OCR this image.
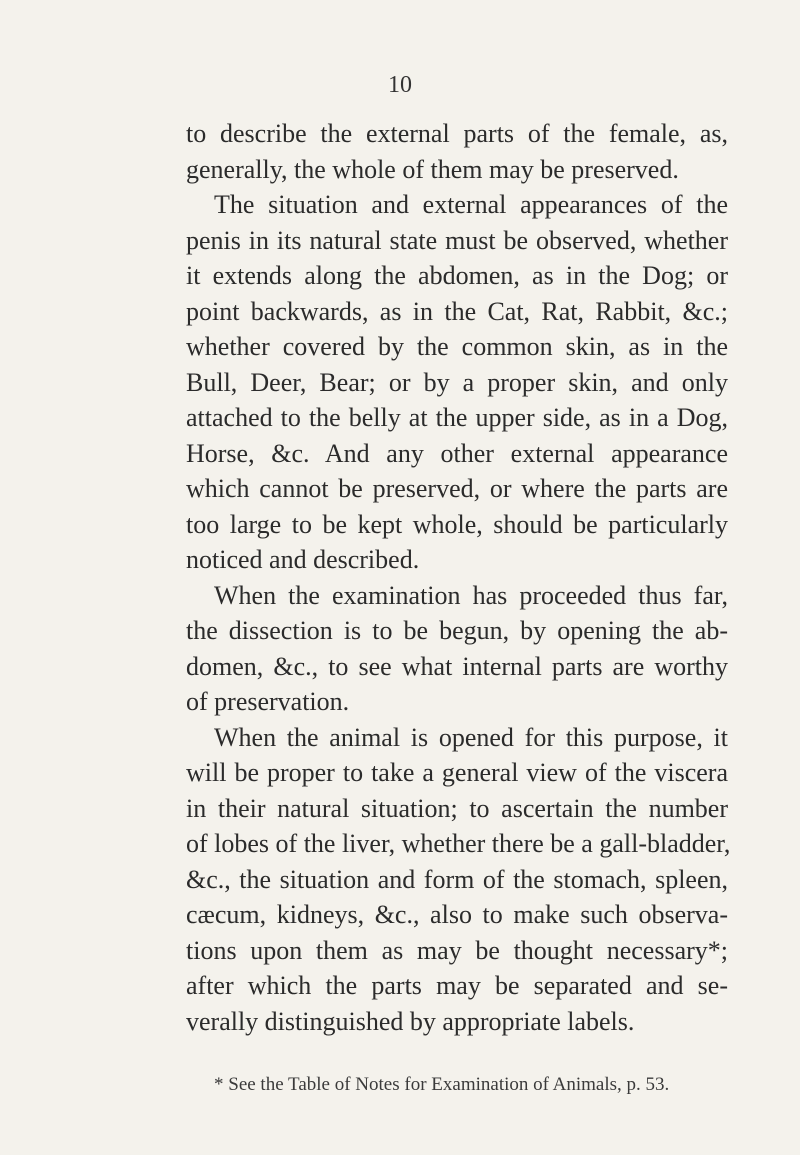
10
to describe the external parts of the female, as,
generally, the whole of them may be preserved.
The situation and external appearances of the
penis in its natural state must be observed, whether
it extends along the abdomen, as in the Dog; or
point backwards, as in the Cat, Rat, Rabbit, &c.;
whether covered by the common skin, as in the
Bull, Deer, Bear; or by a proper skin, and only
attached to the belly at the upper side, as in a Dog,
Horse, &c. And any other external appearance
which cannot be preserved, or where the parts are
too large to be kept whole, should be particularly
noticed and described.
When the examination has proceeded thus far,
the dissection is to be begun, by opening the ab-
domen, &c., to see what internal parts are worthy
of preservation.
When the animal is opened for this purpose, it
will be proper to take a general view of the viscera
in their natural situation; to ascertain the number
of lobes of the liver, whether there be a gall-bladder,
&c., the situation and form of the stomach, spleen,
cæcum, kidneys, &c., also to make such observa-
tions upon them as may be thought necessary*;
after which the parts may be separated and se-
verally distinguished by appropriate labels.
* See the Table of Notes for Examination of Animals, p. 53.
